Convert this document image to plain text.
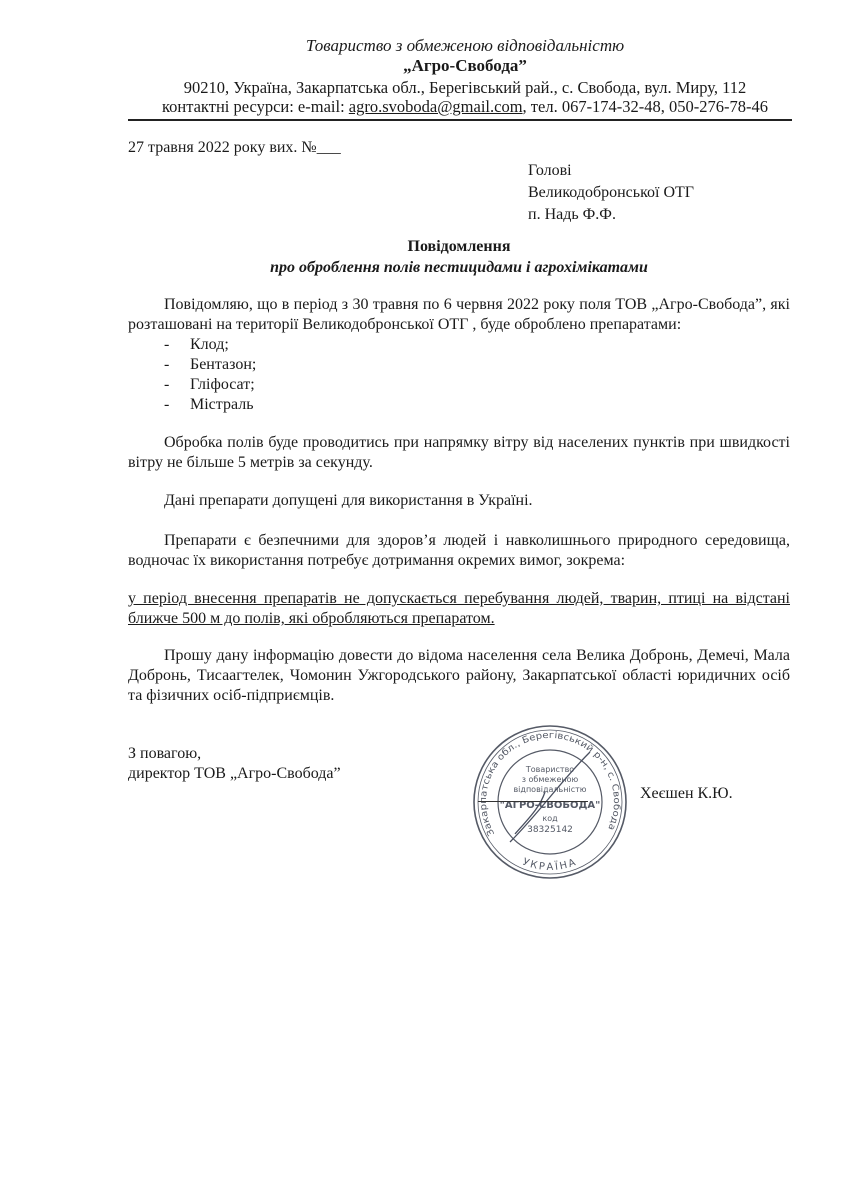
Товариство з обмеженою відповідальністю
„Агро-Свобода”
90210, Україна, Закарпатська обл., Берегівський рай., с. Свобода, вул. Миру, 112
контактні ресурси: e-mail: agro.svoboda@gmail.com, тел. 067-174-32-48, 050-276-78-46
27 травня 2022 року вих. №___
Голові
Великодобронської ОТГ
п. Надь Ф.Ф.
Повідомлення
про оброблення полів пестицидами і агрохімікатами
Повідомляю, що в період з 30 травня по 6 червня 2022 року поля ТОВ „Агро-Свобода”, які розташовані на території Великодобронської ОТГ , буде оброблено препаратами:
- Клод;
- Бентазон;
- Гліфосат;
- Містраль
Обробка полів буде проводитись при напрямку вітру від населених пунктів при швидкості вітру не більше 5 метрів за секунду.
Дані препарати допущені для використання в Україні.
Препарати є безпечними для здоров’я людей і навколишнього природного середовища, водночас їх використання потребує дотримання окремих вимог, зокрема:
у період внесення препаратів не допускається перебування людей, тварин, птиці на відстані ближче 500 м до полів, які обробляються препаратом.
Прошу дану інформацію довести до відома населення села Велика Добронь, Демечі, Мала Добронь, Тисаагтелек, Чомонин Ужгородського району, Закарпатської області юридичних осіб та фізичних осіб-підприємців.
З повагою,
директор ТОВ „Агро-Свобода”
Закарпатська обл., Берегівський р-н, с. Свобода
УКРАЇНА
Товариство
з обмеженою
відповідальністю
"АГРО-СВОБОДА"
код
38325142
Хеєшен К.Ю.
